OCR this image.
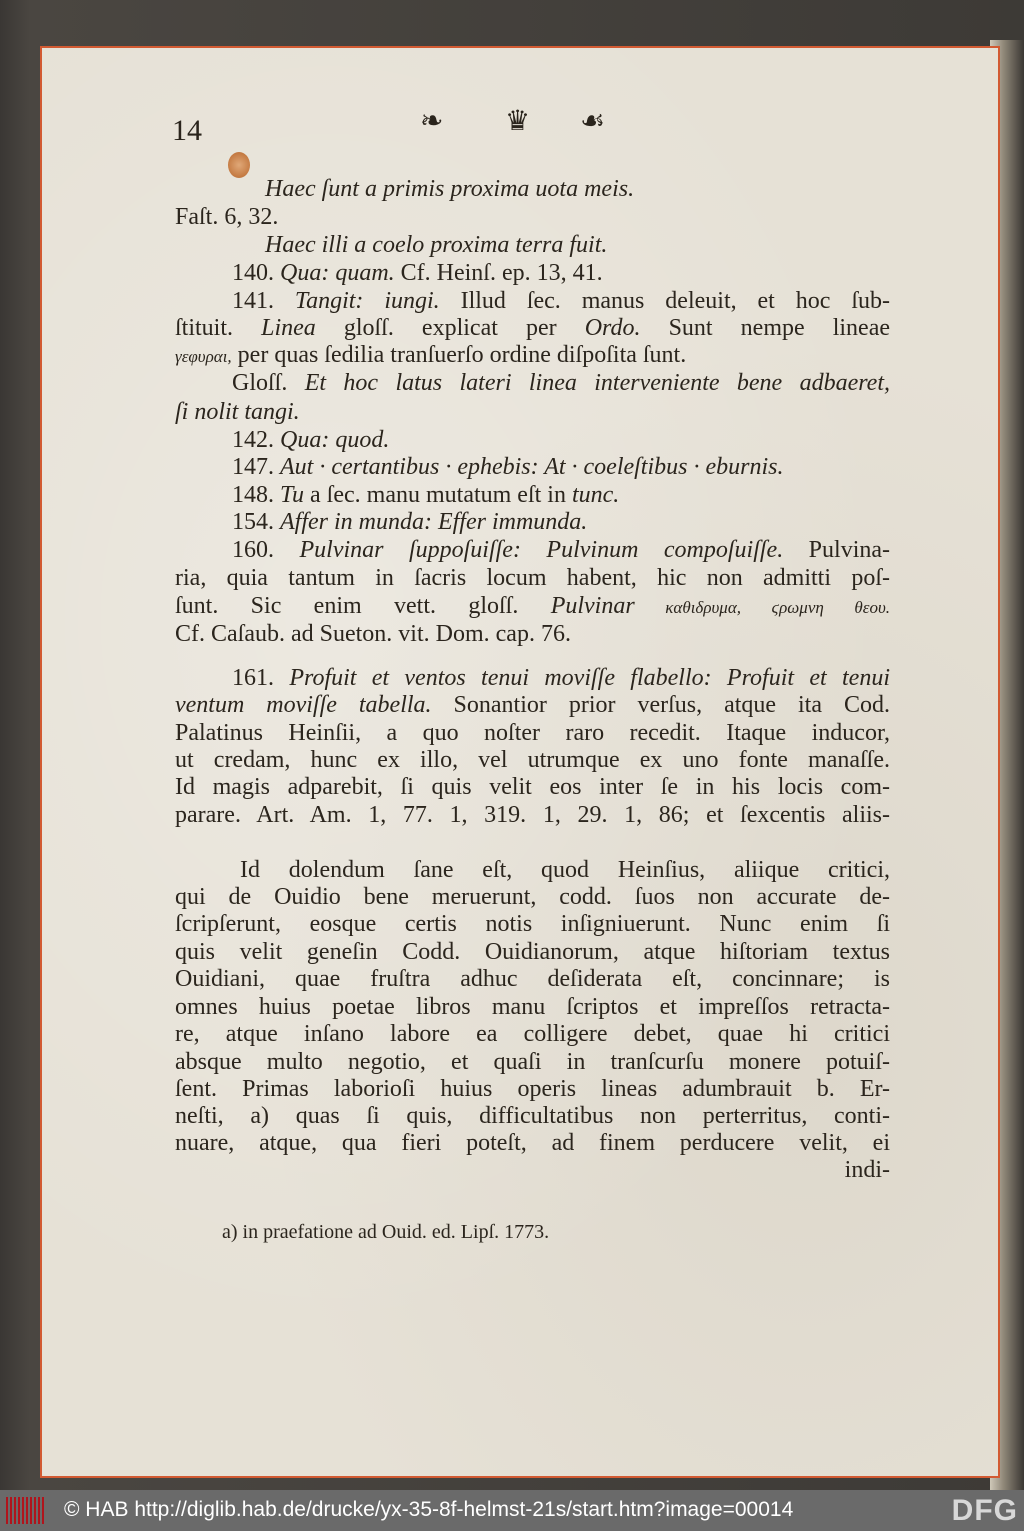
14	❧ ♛ ☙
Haec ſunt a primis proxima uota meis.
Faſt. 6, 32.
Haec illi a coelo proxima terra fuit.
140. Qua: quam. Cf. Heinſ. ep. 13, 41.
141. Tangit: iungi. Illud ſec. manus deleuit, et hoc ſub-
ſtituit. Linea gloſſ. explicat per Ordo. Sunt nempe lineae
γεφυραι, per quas ſedilia tranſuerſo ordine diſpoſita ſunt.
Gloſſ. Et hoc latus lateri linea interveniente bene adbaeret,
ſi nolit tangi.
142. Qua: quod.
147. Aut · certantibus · ephebis: At · coeleſtibus · eburnis.
148. Tu a ſec. manu mutatum eſt in tunc.
154. Affer in munda: Effer immunda.
160. Pulvinar ſuppoſuiſſe: Pulvinum compoſuiſſe. Pulvina-
ria, quia tantum in ſacris locum habent, hic non admitti poſ-
ſunt. Sic enim vett. gloſſ. Pulvinar καθιδρυμα, ϛρωμνη θεου.
Cf. Caſaub. ad Sueton. vit. Dom. cap. 76.
161. Profuit et ventos tenui moviſſe flabello: Profuit et tenui
ventum moviſſe tabella. Sonantior prior verſus, atque ita Cod.
Palatinus Heinſii, a quo noſter raro recedit. Itaque inducor,
ut credam, hunc ex illo, vel utrumque ex uno fonte manaſſe.
Id magis adparebit, ſi quis velit eos inter ſe in his locis com-
parare. Art. Am. 1, 77. 1, 319. 1, 29. 1, 86; et ſexcentis aliis-
Id dolendum ſane eſt, quod Heinſius, aliique critici,
qui de Ouidio bene meruerunt, codd. ſuos non accurate de-
ſcripſerunt, eosque certis notis inſigniuerunt. Nunc enim ſi
quis velit geneſin Codd. Ouidianorum, atque hiſtoriam textus
Ouidiani, quae fruſtra adhuc deſiderata eſt, concinnare; is
omnes huius poetae libros manu ſcriptos et impreſſos retracta-
re, atque inſano labore ea colligere debet, quae hi critici
absque multo negotio, et quaſi in tranſcurſu monere potuiſ-
ſent. Primas laborioſi huius operis lineas adumbrauit b. Er-
neſti, a) quas ſi quis, difficultatibus non perterritus, conti-
nuare, atque, qua fieri poteſt, ad finem perducere velit, ei
indi-
a) in praefatione ad Ouid. ed. Lipſ. 1773.
© HAB http://diglib.hab.de/drucke/yx-35-8f-helmst-21s/start.htm?image=00014	DFG
